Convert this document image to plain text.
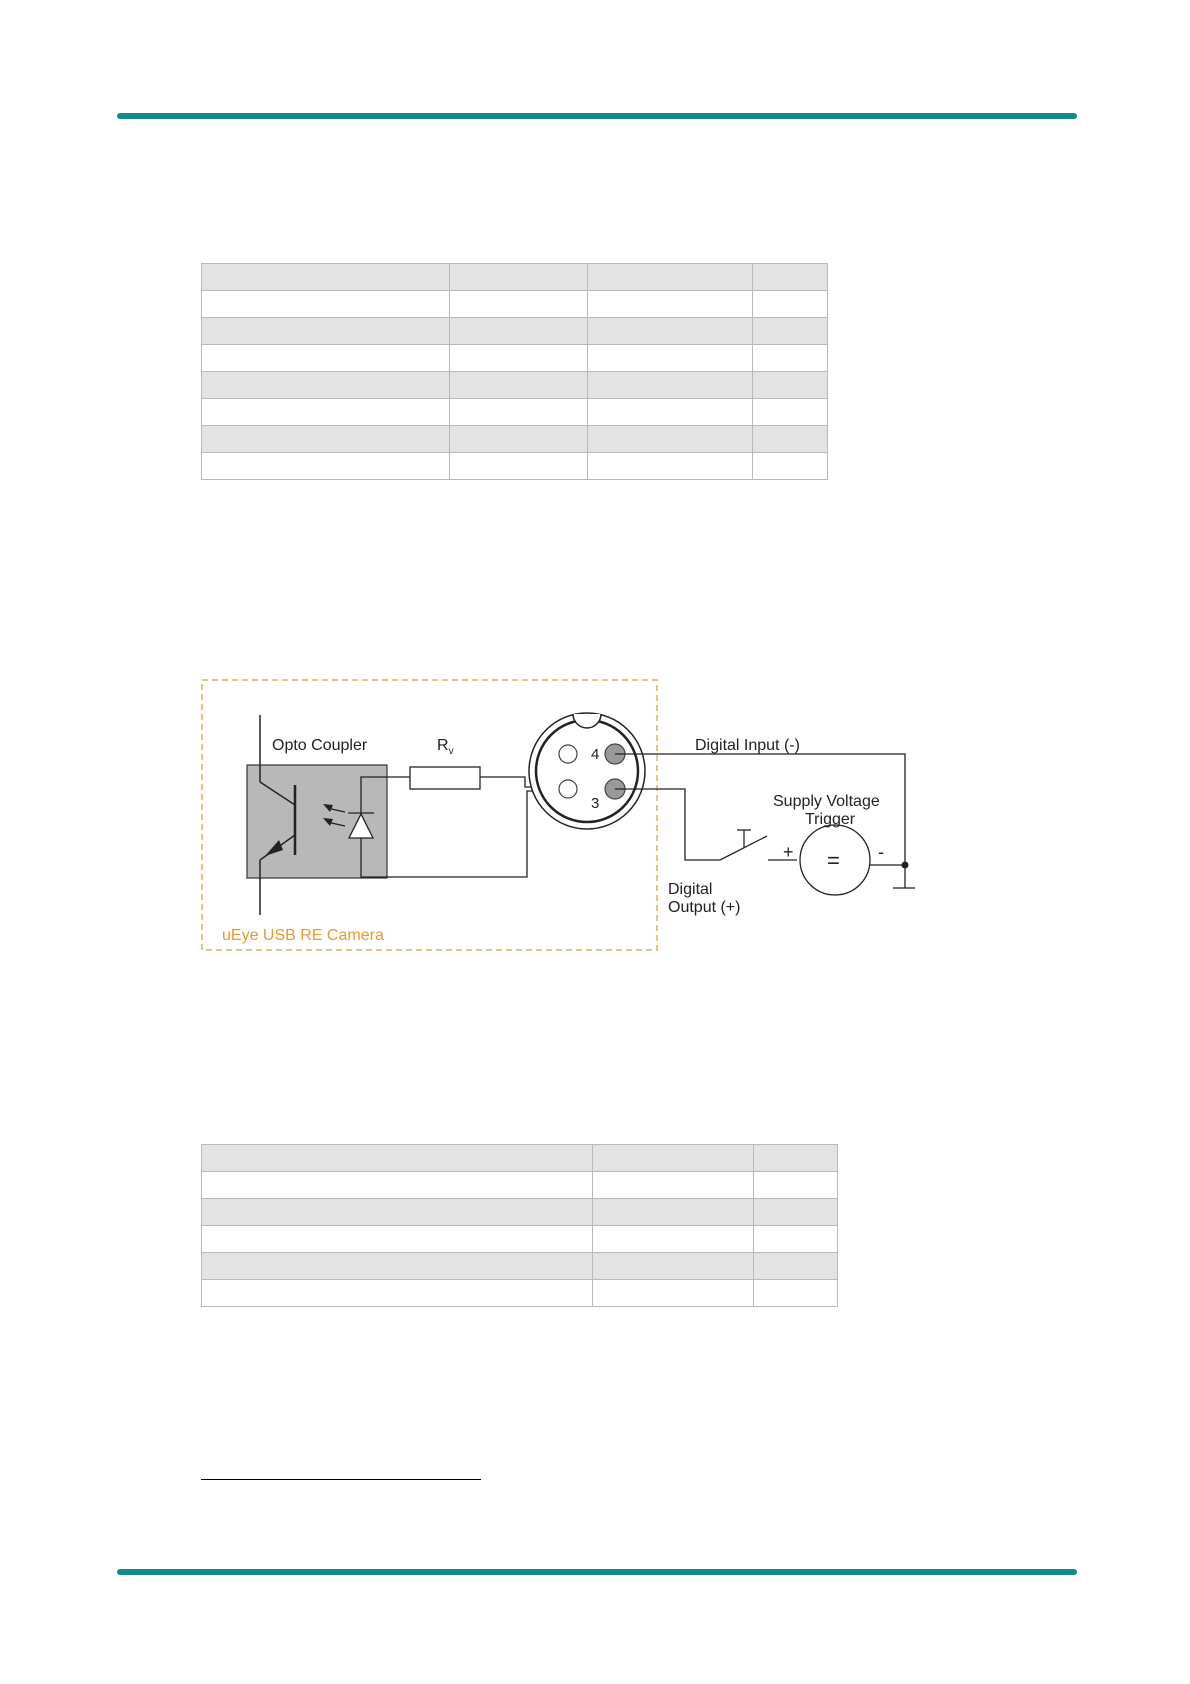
Opto Coupler	$R_v$	4
3
Digital Input (-)
Supply Voltage
Trigger
+	-
=
Digital
Output (+)
uEye USB RE Camera
